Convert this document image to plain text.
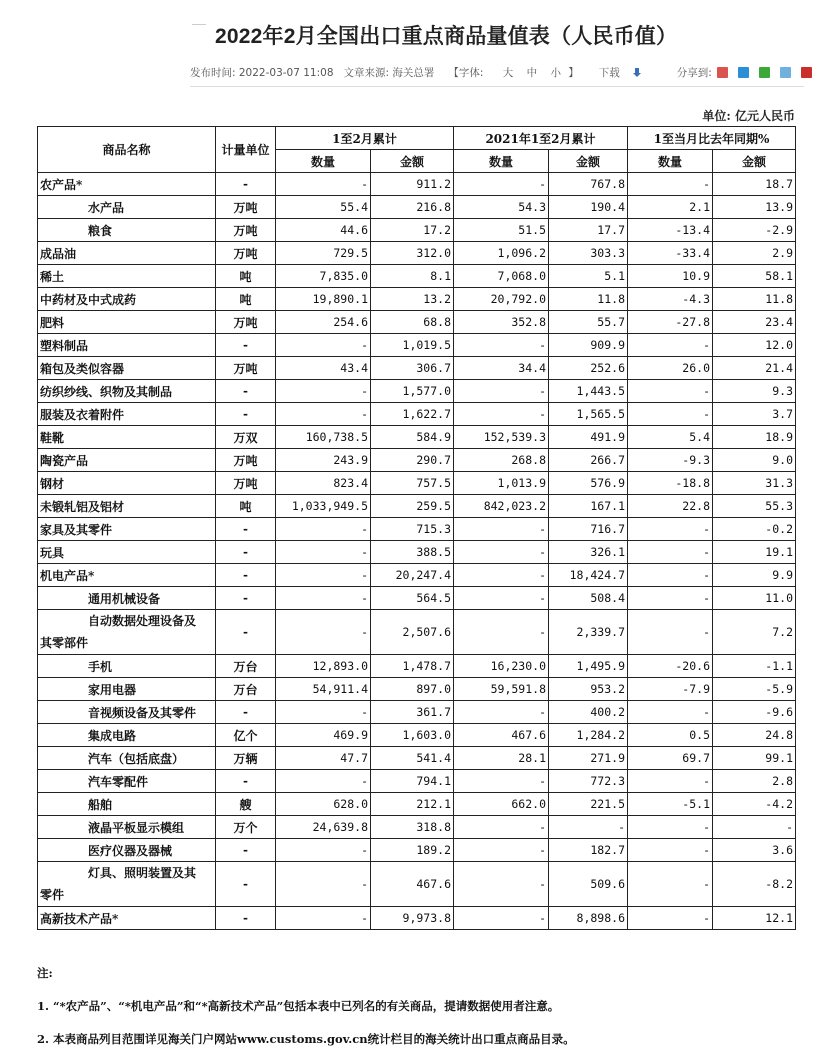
2022年2月全国出口重点商品量值表（人民币值）
发布时间: 2022-03-07 11:08 文章来源: 海关总署 【字体: 大 中 小 】	下载	分享到:
单位: 亿元人民币
商品名称	计量单位	1至2月累计		2021年1至2月累计		1至当月比去年同期%	
		数量	金额	数量	金额	数量	金额
农产品*	-	-	911.2	-	767.8	-	18.7
水产品	万吨	55.4	216.8	54.3	190.4	2.1	13.9
粮食	万吨	44.6	17.2	51.5	17.7	-13.4	-2.9
成品油	万吨	729.5	312.0	1,096.2	303.3	-33.4	2.9
稀土	吨	7,835.0	8.1	7,068.0	5.1	10.9	58.1
中药材及中式成药	吨	19,890.1	13.2	20,792.0	11.8	-4.3	11.8
肥料	万吨	254.6	68.8	352.8	55.7	-27.8	23.4
塑料制品	-	-	1,019.5	-	909.9	-	12.0
箱包及类似容器	万吨	43.4	306.7	34.4	252.6	26.0	21.4
纺织纱线、织物及其制品	-	-	1,577.0	-	1,443.5	-	9.3
服装及衣着附件	-	-	1,622.7	-	1,565.5	-	3.7
鞋靴	万双	160,738.5	584.9	152,539.3	491.9	5.4	18.9
陶瓷产品	万吨	243.9	290.7	268.8	266.7	-9.3	9.0
钢材	万吨	823.4	757.5	1,013.9	576.9	-18.8	31.3
未锻轧铝及铝材	吨	1,033,949.5	259.5	842,023.2	167.1	22.8	55.3
家具及其零件	-	-	715.3	-	716.7	-	-0.2
玩具	-	-	388.5	-	326.1	-	19.1
机电产品*	-	-	20,247.4	-	18,424.7	-	9.9
通用机械设备	-	-	564.5	-	508.4	-	11.0

自动数据处理设备及
其零部件	-	-	2,507.6	-	2,339.7	-	7.2
手机	万台	12,893.0	1,478.7	16,230.0	1,495.9	-20.6	-1.1
家用电器	万台	54,911.4	897.0	59,591.8	953.2	-7.9	-5.9
音视频设备及其零件	-	-	361.7	-	400.2	-	-9.6
集成电路	亿个	469.9	1,603.0	467.6	1,284.2	0.5	24.8
汽车（包括底盘）	万辆	47.7	541.4	28.1	271.9	69.7	99.1
汽车零配件	-	-	794.1	-	772.3	-	2.8
船舶	艘	628.0	212.1	662.0	221.5	-5.1	-4.2
液晶平板显示模组	万个	24,639.8	318.8	-	-	-	-
医疗仪器及器械	-	-	189.2	-	182.7	-	3.6

灯具、照明装置及其
零件	-	-	467.6	-	509.6	-	-8.2
高新技术产品*	-	-	9,973.8	-	8,898.6	-	12.1

注:

1. “*农产品”、“*机电产品”和“*高新技术产品”包括本表中已列名的有关商品，提请数据使用者注意。

2. 本表商品列目范围详见海关门户网站www.customs.gov.cn统计栏目的海关统计出口重点商品目录。
